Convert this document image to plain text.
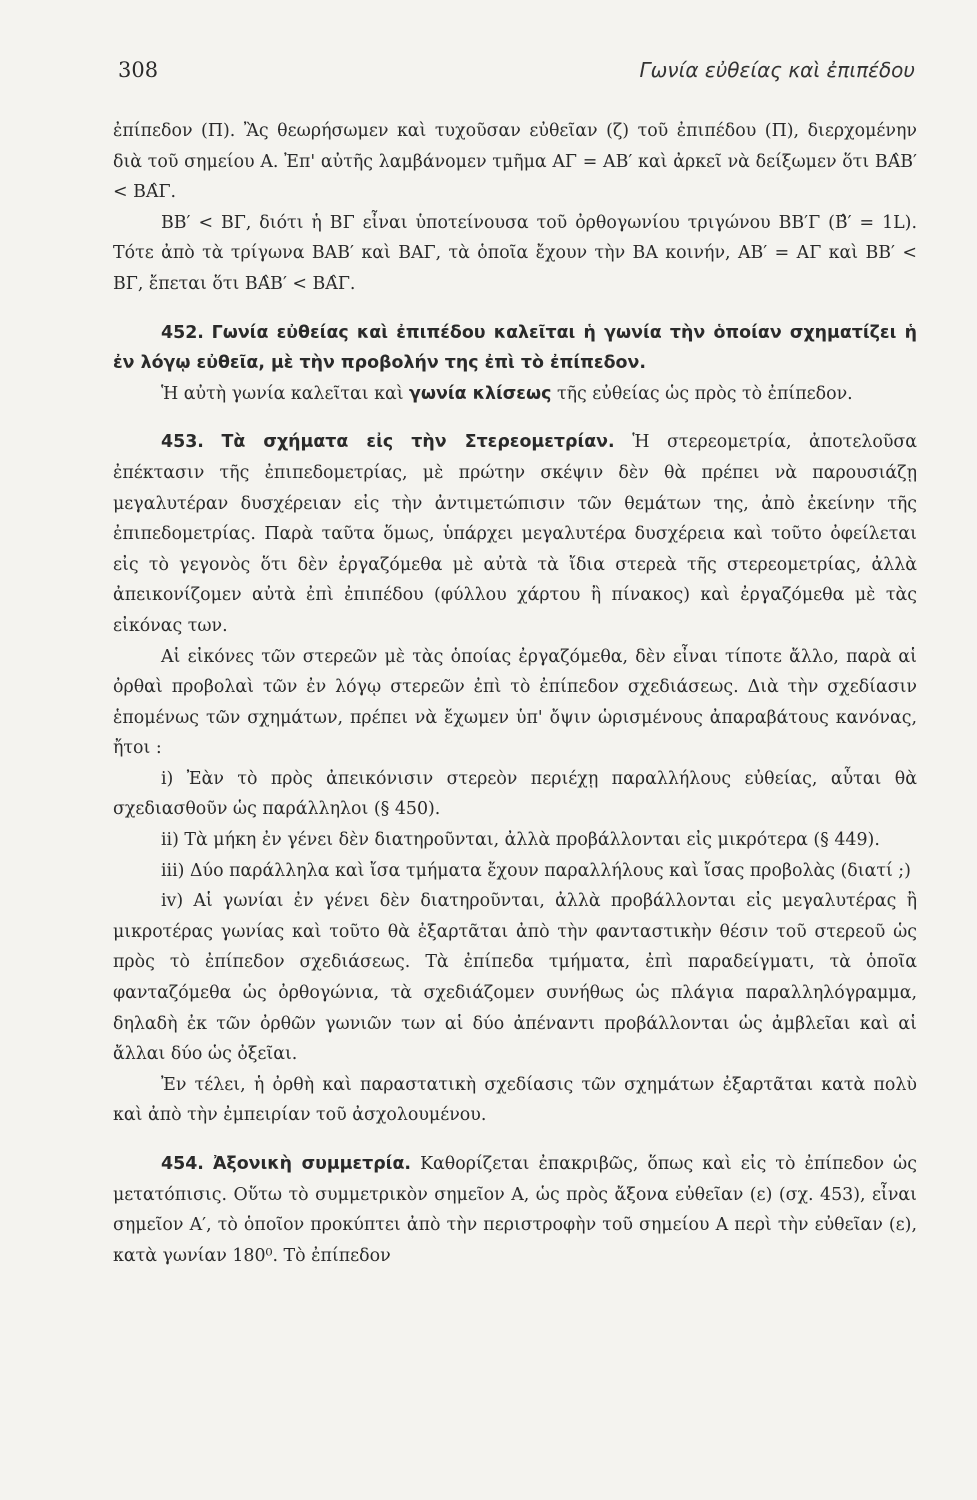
308	Γωνία εὐθείας καὶ ἐπιπέδου

ἐπίπεδον (Π). Ἂς θεωρήσωμεν καὶ τυχοῦσαν εὐθεῖαν (ζ) τοῦ ἐπιπέδου (Π), διερχομένην διὰ τοῦ σημείου Α. Ἐπ' αὐτῆς λαμβάνομεν τμῆμα ΑΓ = ΑΒ′ καὶ ἀρκεῖ νὰ δείξωμεν ὅτι ΒΑ̂Β′ < ΒΑ̂Γ.

ΒΒ′ < ΒΓ, διότι ἡ ΒΓ εἶναι ὑποτείνουσα τοῦ ὀρθογωνίου τριγώνου ΒΒ′Γ (Β̂′ = 1L). Τότε ἀπὸ τὰ τρίγωνα ΒΑΒ′ καὶ ΒΑΓ, τὰ ὁποῖα ἔχουν τὴν ΒΑ κοινήν, ΑΒ′ = ΑΓ καὶ ΒΒ′ < ΒΓ, ἔπεται ὅτι ΒΑ̂Β′ < ΒΑ̂Γ.

452. Γωνία εὐθείας καὶ ἐπιπέδου καλεῖται ἡ γωνία τὴν ὁποίαν σχηματίζει ἡ ἐν λόγῳ εὐθεῖα, μὲ τὴν προβολήν της ἐπὶ τὸ ἐπίπεδον.

Ἡ αὐτὴ γωνία καλεῖται καὶ γωνία κλίσεως τῆς εὐθείας ὡς πρὸς τὸ ἐπίπεδον.

453. Τὰ σχήματα εἰς τὴν Στερεομετρίαν. Ἡ στερεομετρία, ἀποτελοῦσα ἐπέκτασιν τῆς ἐπιπεδομετρίας, μὲ πρώτην σκέψιν δὲν θὰ πρέπει νὰ παρουσιάζῃ μεγαλυτέραν δυσχέρειαν εἰς τὴν ἀντιμετώπισιν τῶν θεμάτων της, ἀπὸ ἐκείνην τῆς ἐπιπεδομετρίας. Παρὰ ταῦτα ὅμως, ὑπάρχει μεγαλυτέρα δυσχέρεια καὶ τοῦτο ὀφείλεται εἰς τὸ γεγονὸς ὅτι δὲν ἐργαζόμεθα μὲ αὐτὰ τὰ ἴδια στερεὰ τῆς στερεομετρίας, ἀλλὰ ἀπεικονίζομεν αὐτὰ ἐπὶ ἐπιπέδου (φύλλου χάρτου ἢ πίνακος) καὶ ἐργαζόμεθα μὲ τὰς εἰκόνας των.

Αἱ εἰκόνες τῶν στερεῶν μὲ τὰς ὁποίας ἐργαζόμεθα, δὲν εἶναι τίποτε ἄλλο, παρὰ αἱ ὀρθαὶ προβολαὶ τῶν ἐν λόγῳ στερεῶν ἐπὶ τὸ ἐπίπεδον σχεδιάσεως. Διὰ τὴν σχεδίασιν ἑπομένως τῶν σχημάτων, πρέπει νὰ ἔχωμεν ὑπ' ὄψιν ὡρισμένους ἀπαραβάτους κανόνας, ἤτοι :

i) Ἐὰν τὸ πρὸς ἀπεικόνισιν στερεὸν περιέχῃ παραλλήλους εὐθείας, αὗται θὰ σχεδιασθοῦν ὡς παράλληλοι (§ 450).

ii) Τὰ μήκη ἐν γένει δὲν διατηροῦνται, ἀλλὰ προβάλλονται εἰς μικρότερα (§ 449).

iii) Δύο παράλληλα καὶ ἴσα τμήματα ἔχουν παραλλήλους καὶ ἴσας προβολὰς (διατί ;)

iv) Αἱ γωνίαι ἐν γένει δὲν διατηροῦνται, ἀλλὰ προβάλλονται εἰς μεγαλυτέρας ἢ μικροτέρας γωνίας καὶ τοῦτο θὰ ἐξαρτᾶται ἀπὸ τὴν φανταστικὴν θέσιν τοῦ στερεοῦ ὡς πρὸς τὸ ἐπίπεδον σχεδιάσεως. Τὰ ἐπίπεδα τμήματα, ἐπὶ παραδείγματι, τὰ ὁποῖα φανταζόμεθα ὡς ὀρθογώνια, τὰ σχεδιάζομεν συνήθως ὡς πλάγια παραλληλόγραμμα, δηλαδὴ ἐκ τῶν ὀρθῶν γωνιῶν των αἱ δύο ἀπέναντι προβάλλονται ὡς ἀμβλεῖαι καὶ αἱ ἄλλαι δύο ὡς ὀξεῖαι.

Ἐν τέλει, ἡ ὀρθὴ καὶ παραστατικὴ σχεδίασις τῶν σχημάτων ἐξαρτᾶται κατὰ πολὺ καὶ ἀπὸ τὴν ἐμπειρίαν τοῦ ἀσχολουμένου.

454. Ἀξονικὴ συμμετρία. Καθορίζεται ἐπακριβῶς, ὅπως καὶ εἰς τὸ ἐπίπεδον ὡς μετατόπισις. Οὕτω τὸ συμμετρικὸν σημεῖον Α, ὡς πρὸς ἄξονα εὐθεῖαν (ε) (σχ. 453), εἶναι σημεῖον Α′, τὸ ὁποῖον προκύπτει ἀπὸ τὴν περιστροφὴν τοῦ σημείου Α περὶ τὴν εὐθεῖαν (ε), κατὰ γωνίαν 180⁰. Τὸ ἐπίπεδον
